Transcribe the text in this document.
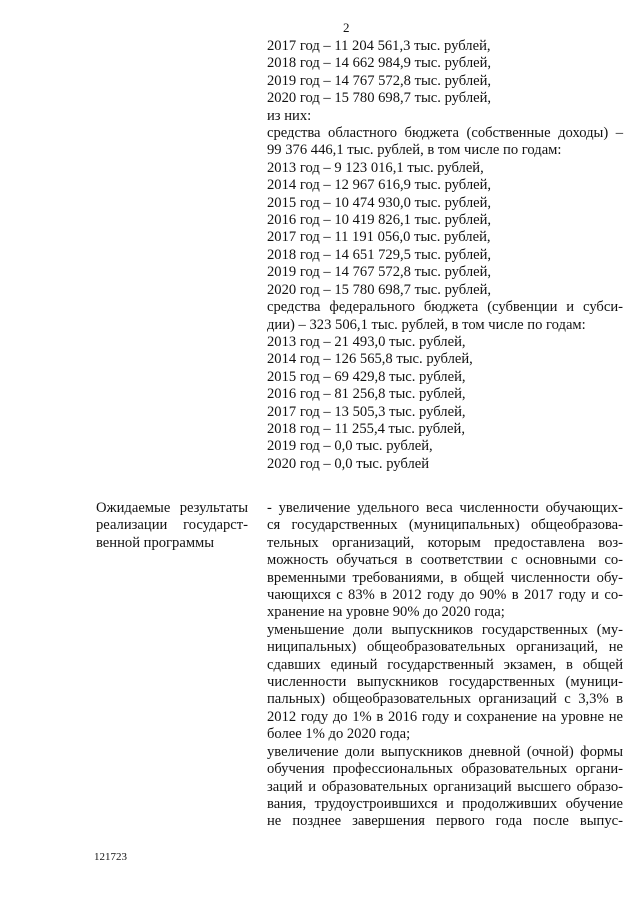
2
2017 год – 11 204 561,3 тыс. рублей,
2018 год – 14 662 984,9 тыс. рублей,
2019 год – 14 767 572,8 тыс. рублей,
2020 год – 15 780 698,7 тыс. рублей,
из них:
средства областного бюджета (собственные доходы) –
99 376 446,1 тыс. рублей, в том числе по годам:
2013 год – 9 123 016,1 тыс. рублей,
2014 год – 12 967 616,9 тыс. рублей,
2015 год – 10 474 930,0 тыс. рублей,
2016 год – 10 419 826,1 тыс. рублей,
2017 год – 11 191 056,0 тыс. рублей,
2018 год – 14 651 729,5 тыс. рублей,
2019 год – 14 767 572,8 тыс. рублей,
2020 год – 15 780 698,7 тыс. рублей,
средства федерального бюджета (субвенции и субси-
дии) – 323 506,1 тыс. рублей, в том числе по годам:
2013 год – 21 493,0 тыс. рублей,
2014 год – 126 565,8 тыс. рублей,
2015 год – 69 429,8 тыс. рублей,
2016 год – 81 256,8 тыс. рублей,
2017 год – 13 505,3 тыс. рублей,
2018 год – 11 255,4 тыс. рублей,
2019 год – 0,0 тыс. рублей,
2020 год – 0,0 тыс. рублей
Ожидаемые результаты
реализации государст-
венной программы
- увеличение удельного веса численности обучающих-
ся государственных (муниципальных) общеобразова-
тельных организаций, которым предоставлена воз-
можность обучаться в соответствии с основными со-
временными требованиями, в общей численности обу-
чающихся с 83% в 2012 году до 90% в 2017 году и со-
хранение на уровне 90% до 2020 года;
уменьшение доли выпускников государственных (му-
ниципальных) общеобразовательных организаций, не
сдавших единый государственный экзамен, в общей
численности выпускников государственных (муници-
пальных) общеобразовательных организаций с 3,3% в
2012 году до 1% в 2016 году и сохранение на уровне не
более 1% до 2020 года;
увеличение доли выпускников дневной (очной) формы
обучения профессиональных образовательных органи-
заций и образовательных организаций высшего образо-
вания, трудоустроившихся и продолживших обучение
не позднее завершения первого года после выпус-
121723
